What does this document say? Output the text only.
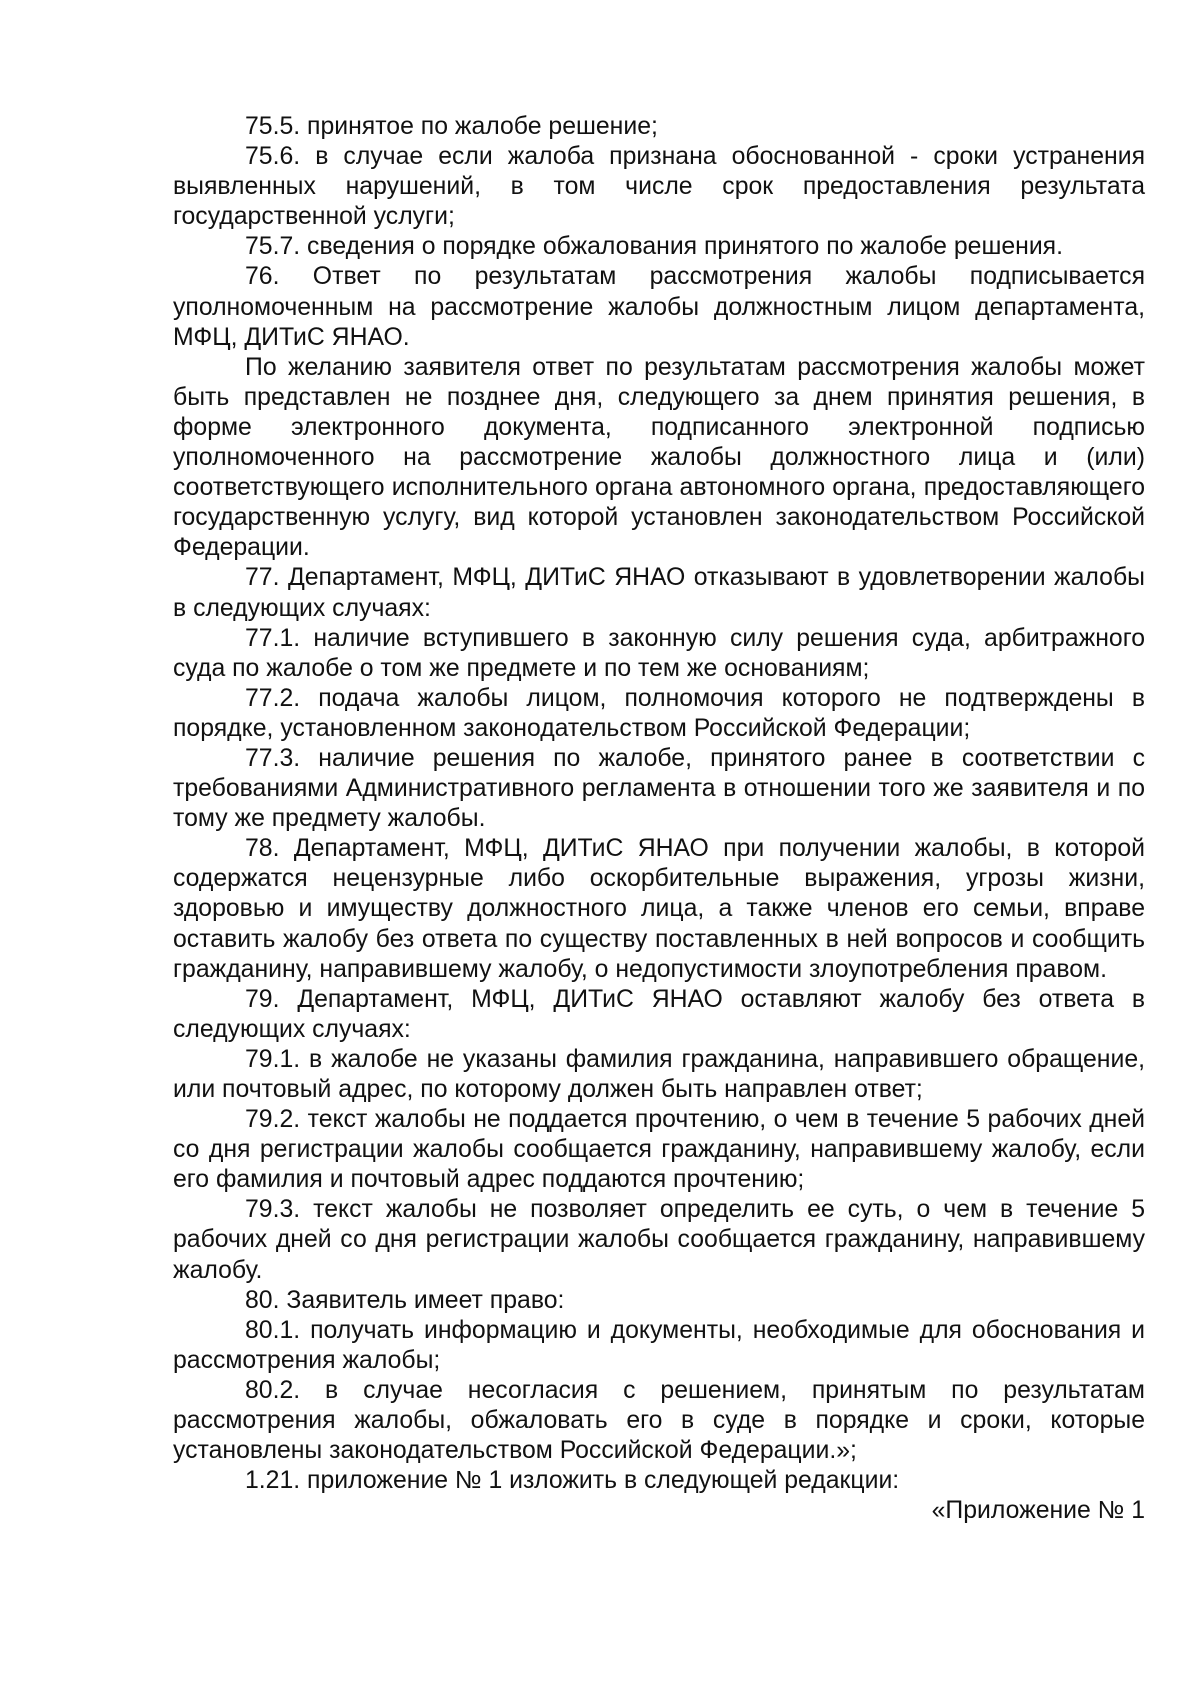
75.5. принятое по жалобе решение;

75.6. в случае если жалоба признана обоснованной - сроки устранения выявленных нарушений, в том числе срок предоставления результата государственной услуги;

75.7. сведения о порядке обжалования принятого по жалобе решения.

76. Ответ по результатам рассмотрения жалобы подписывается уполномоченным на рассмотрение жалобы должностным лицом департамента, МФЦ, ДИТиС ЯНАО.

По желанию заявителя ответ по результатам рассмотрения жалобы может быть представлен не позднее дня, следующего за днем принятия решения, в форме электронного документа, подписанного электронной подписью уполномоченного на рассмотрение жалобы должностного лица и (или) соответствующего исполнительного органа автономного органа, предоставляющего государственную услугу, вид которой установлен законодательством Российской Федерации.

77. Департамент, МФЦ, ДИТиС ЯНАО отказывают в удовлетворении жалобы в следующих случаях:

77.1. наличие вступившего в законную силу решения суда, арбитражного суда по жалобе о том же предмете и по тем же основаниям;

77.2. подача жалобы лицом, полномочия которого не подтверждены в порядке, установленном законодательством Российской Федерации;

77.3. наличие решения по жалобе, принятого ранее в соответствии с требованиями Административного регламента в отношении того же заявителя и по тому же предмету жалобы.

78. Департамент, МФЦ, ДИТиС ЯНАО при получении жалобы, в которой содержатся нецензурные либо оскорбительные выражения, угрозы жизни, здоровью и имуществу должностного лица, а также членов его семьи, вправе оставить жалобу без ответа по существу поставленных в ней вопросов и сообщить гражданину, направившему жалобу, о недопустимости злоупотребления правом.

79. Департамент, МФЦ, ДИТиС ЯНАО оставляют жалобу без ответа в следующих случаях:

79.1. в жалобе не указаны фамилия гражданина, направившего обращение, или почтовый адрес, по которому должен быть направлен ответ;

79.2. текст жалобы не поддается прочтению, о чем в течение 5 рабочих дней со дня регистрации жалобы сообщается гражданину, направившему жалобу, если его фамилия и почтовый адрес поддаются прочтению;

79.3. текст жалобы не позволяет определить ее суть, о чем в течение 5 рабочих дней со дня регистрации жалобы сообщается гражданину, направившему жалобу.

80. Заявитель имеет право:

80.1. получать информацию и документы, необходимые для обоснования и рассмотрения жалобы;

80.2. в случае несогласия с решением, принятым по результатам рассмотрения жалобы, обжаловать его в суде в порядке и сроки, которые установлены законодательством Российской Федерации.»;

1.21. приложение № 1 изложить в следующей редакции:

«Приложение № 1
